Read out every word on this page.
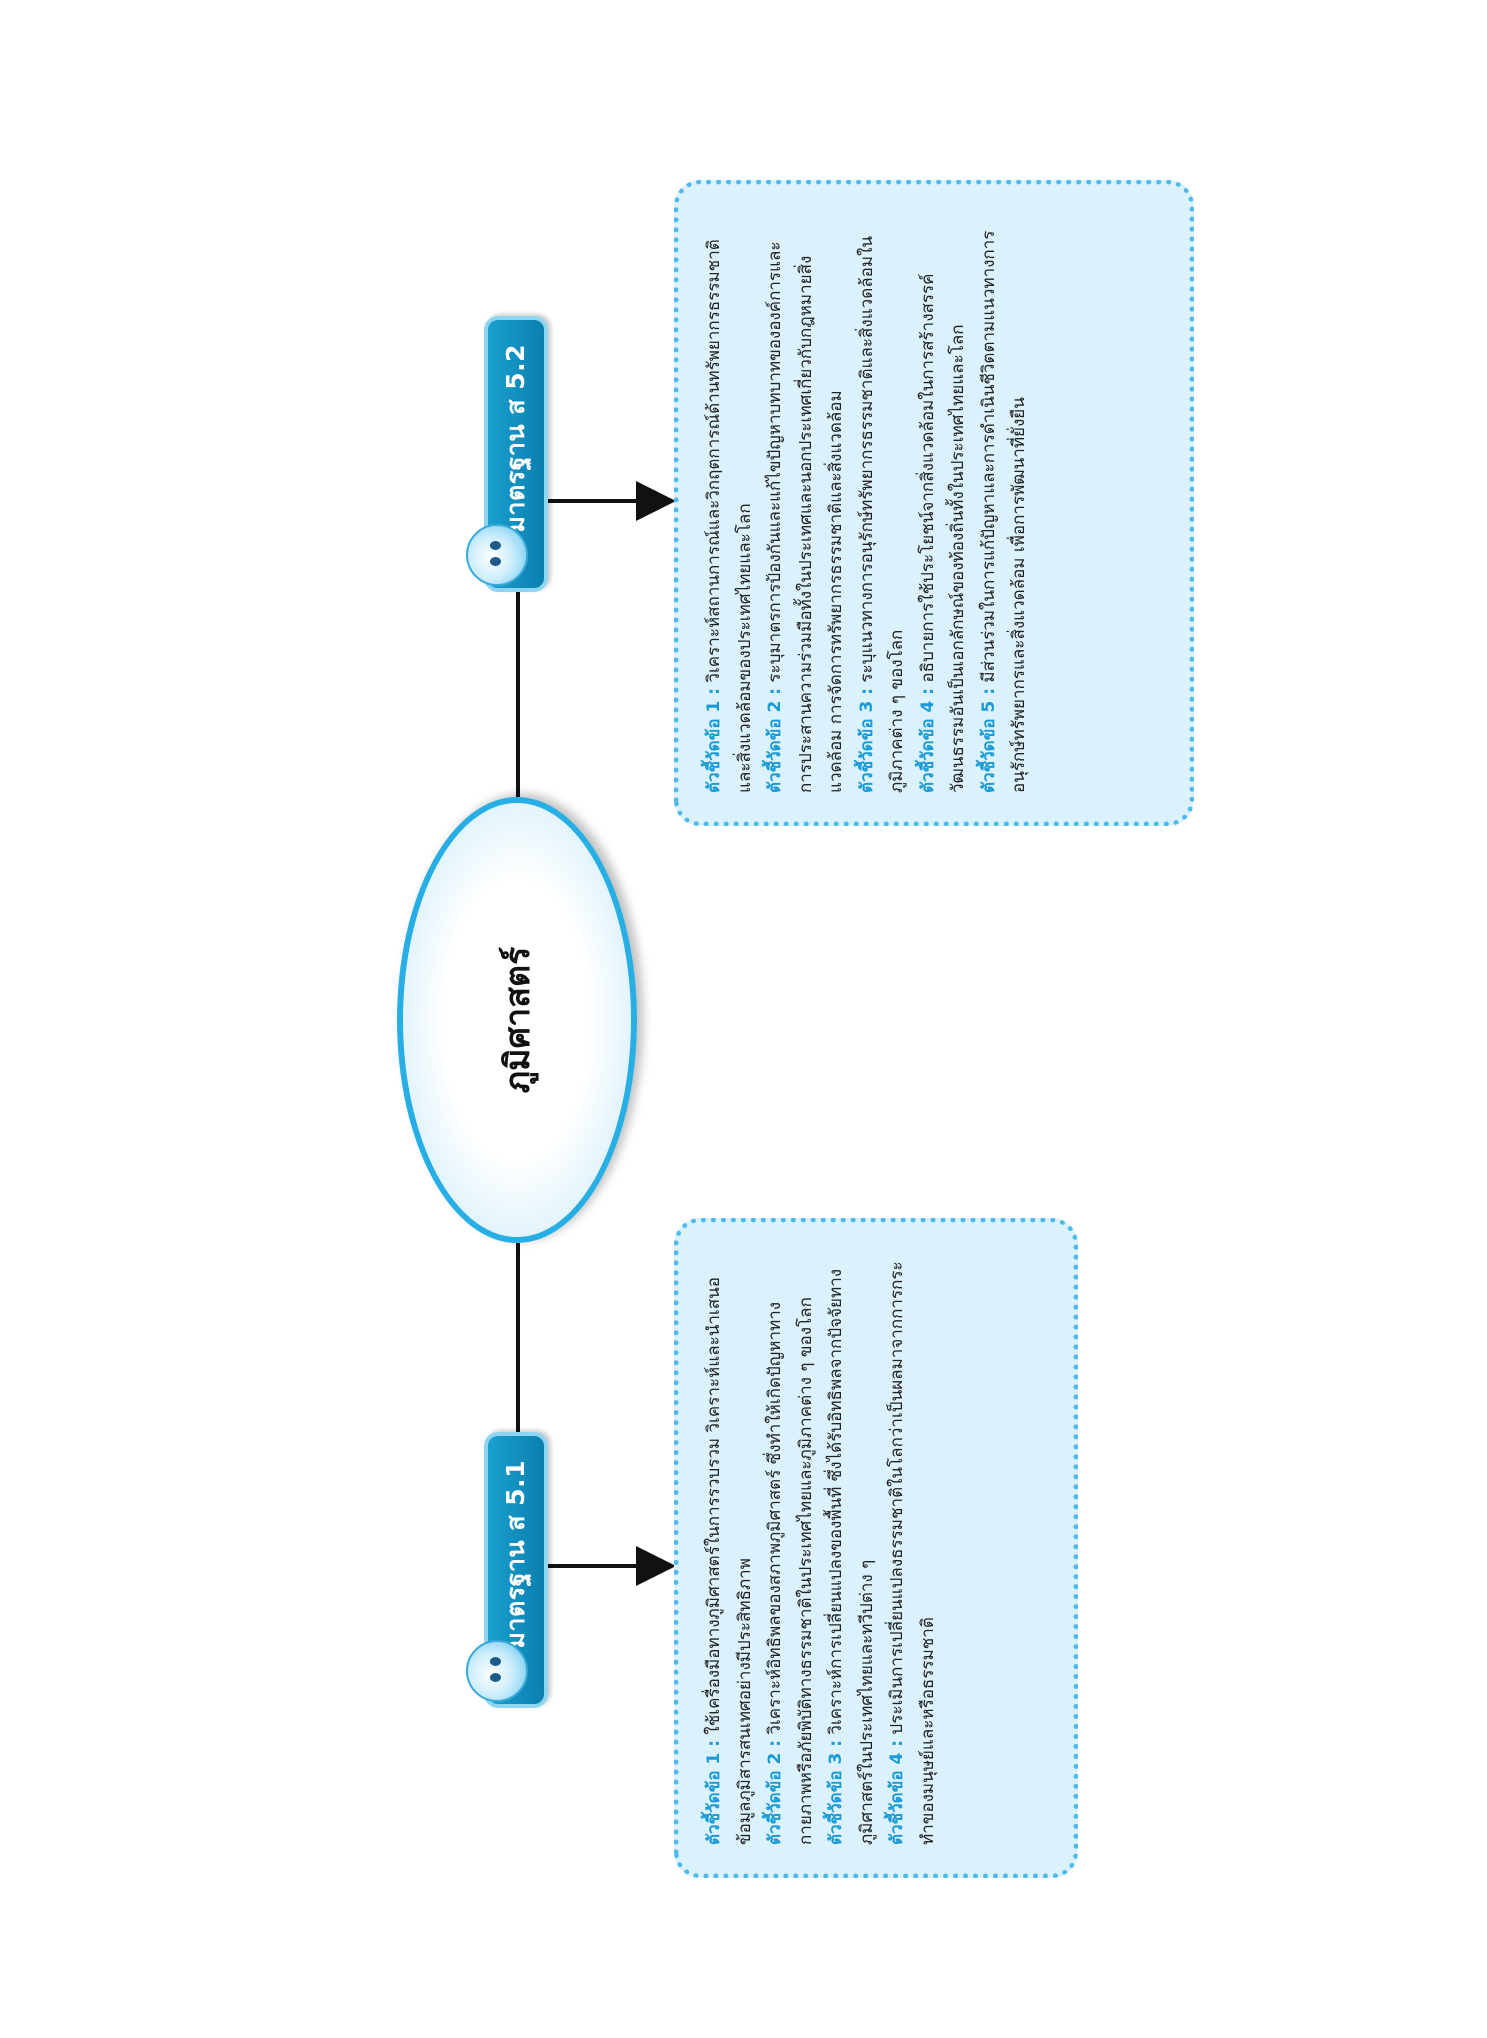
ภูมิศาสตร์
มาตรฐาน ส 5.1
มาตรฐาน ส 5.2

ตัวชี้วัดข้อ 1 : ใช้เครื่องมือทางภูมิศาสตร์ในการรวบรวม วิเคราะห์และนำเสนอข้อมูลภูมิสารสนเทศอย่างมีประสิทธิภาพ ตัวชี้วัดข้อ 2 : วิเคราะห์อิทธิพลของสภาพภูมิศาสตร์ ซึ่งทำให้เกิดปัญหาทางกายภาพหรือภัยพิบัติทางธรรมชาติในประเทศไทยและภูมิภาคต่าง ๆ ของโลก ตัวชี้วัดข้อ 3 : วิเคราะห์การเปลี่ยนแปลงของพื้นที่ ซึ่งได้รับอิทธิพลจากปัจจัยทางภูมิศาสตร์ในประเทศไทยและทวีปต่าง ๆ ตัวชี้วัดข้อ 4 : ประเมินการเปลี่ยนแปลงธรรมชาติในโลกว่าเป็นผลมาจากการกระทำของมนุษย์และหรือธรรมชาติ

ตัวชี้วัดข้อ 1 : วิเคราะห์สถานการณ์และวิกฤตการณ์ด้านทรัพยากรธรรมชาติและสิ่งแวดล้อมของประเทศไทยและโลก ตัวชี้วัดข้อ 2 : ระบุมาตรการป้องกันและแก้ไขปัญหาบทบาทขององค์การและการประสานความร่วมมือทั้งในประเทศและนอกประเทศเกี่ยวกับกฎหมายสิ่งแวดล้อม การจัดการทรัพยากรธรรมชาติและสิ่งแวดล้อม ตัวชี้วัดข้อ 3 : ระบุแนวทางการอนุรักษ์ทรัพยากรธรรมชาติและสิ่งแวดล้อมในภูมิภาคต่าง ๆ ของโลก ตัวชี้วัดข้อ 4 : อธิบายการใช้ประโยชน์จากสิ่งแวดล้อมในการสร้างสรรค์วัฒนธรรมอันเป็นเอกลักษณ์ของท้องถิ่นทั้งในประเทศไทยและโลก ตัวชี้วัดข้อ 5 : มีส่วนร่วมในการแก้ปัญหาและการดำเนินชีวิตตามแนวทางการอนุรักษ์ทรัพยากรและสิ่งแวดล้อม เพื่อการพัฒนาที่ยั่งยืน
